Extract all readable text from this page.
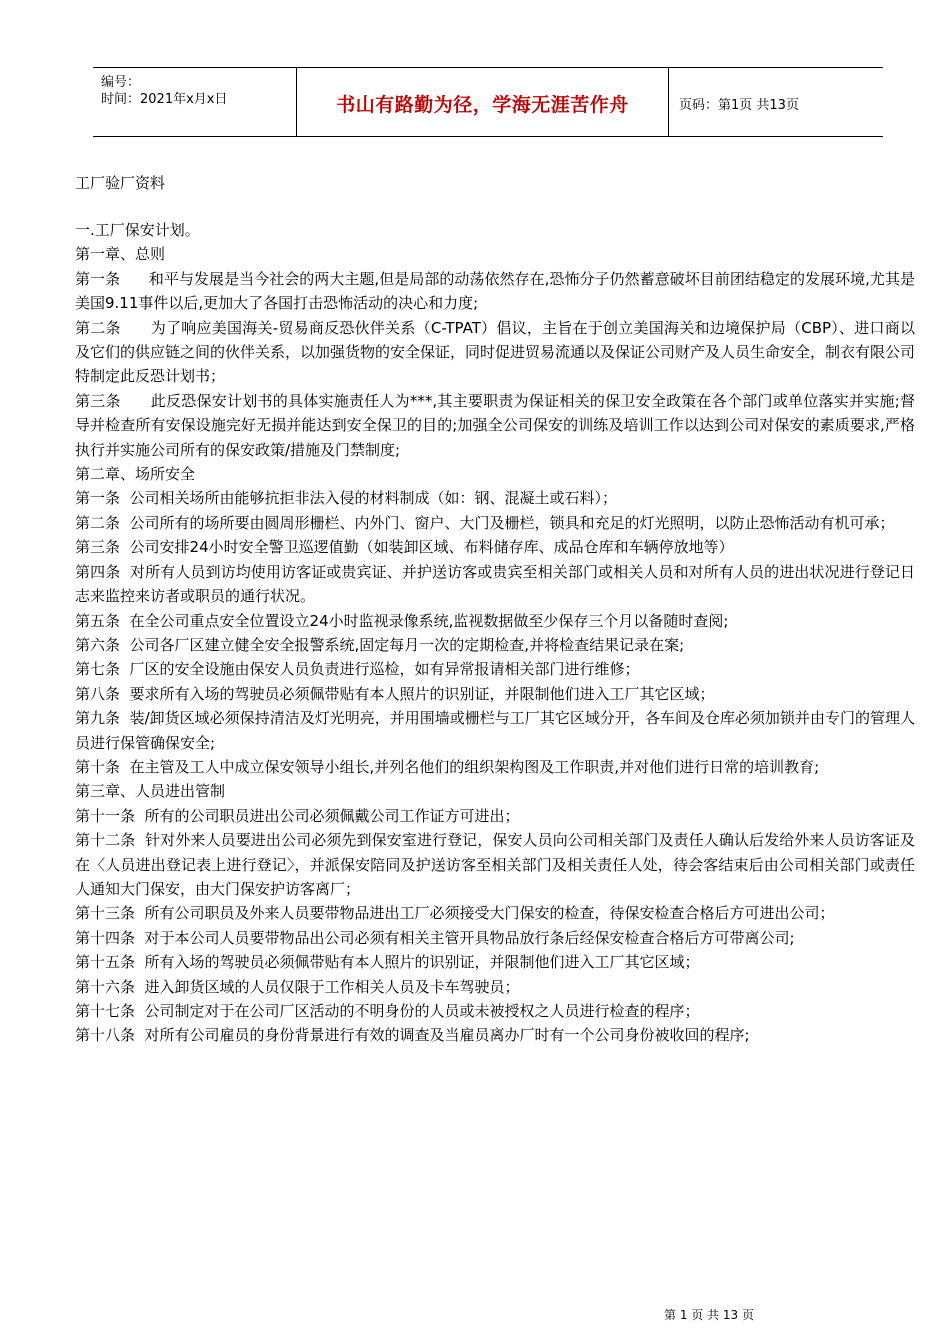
编号：
时间：2021年x月x日	书山有路勤为径，学海无涯苦作舟	页码：第1页 共13页
工厂验厂资料

一.工厂保安计划。

第一章、总则

第一条      和平与发展是当今社会的两大主题,但是局部的动荡依然存在,恐怖分子仍然蓄意破坏目前团结稳定的发展环境,尤其是美国9.11事件以后,更加大了各国打击恐怖活动的决心和力度;

第二条      为了响应美国海关-贸易商反恐伙伴关系（C-TPAT）倡议，主旨在于创立美国海关和边境保护局（CBP）、进口商以及它们的供应链之间的伙伴关系，以加强货物的安全保证，同时促进贸易流通以及保证公司财产及人员生命安全，制衣有限公司特制定此反恐计划书；

第三条      此反恐保安计划书的具体实施责任人为***,其主要职责为保证相关的保卫安全政策在各个部门或单位落实并实施;督导并检查所有安保设施完好无损并能达到安全保卫的目的;加强全公司保安的训练及培训工作以达到公司对保安的素质要求,严格执行并实施公司所有的保安政策/措施及门禁制度;

第二章、场所安全

第一条  公司相关场所由能够抗拒非法入侵的材料制成（如：钢、混凝土或石料）；

第二条  公司所有的场所要由圆周形栅栏、内外门、窗户、大门及栅栏，锁具和充足的灯光照明，以防止恐怖活动有机可承；

第三条  公司安排24小时安全警卫巡逻值勤（如装卸区域、布料储存库、成品仓库和车辆停放地等）

第四条  对所有人员到访均使用访客证或贵宾证、并护送访客或贵宾至相关部门或相关人员和对所有人员的进出状况进行登记日志来监控来访者或职员的通行状况。

第五条  在全公司重点安全位置设立24小时监视录像系统,监视数据做至少保存三个月以备随时查阅;

第六条  公司各厂区建立健全安全报警系统,固定每月一次的定期检查,并将检查结果记录在案;

第七条  厂区的安全设施由保安人员负责进行巡检，如有异常报请相关部门进行维修；

第八条  要求所有入场的驾驶员必须佩带贴有本人照片的识别证，并限制他们进入工厂其它区域；

第九条  装/卸货区域必须保持清洁及灯光明亮，并用围墙或栅栏与工厂其它区域分开，各车间及仓库必须加锁并由专门的管理人员进行保管确保安全;

第十条  在主管及工人中成立保安领导小组长,并列名他们的组织架构图及工作职责,并对他们进行日常的培训教育;

第三章、人员进出管制

第十一条  所有的公司职员进出公司必须佩戴公司工作证方可进出；

第十二条  针对外来人员要进出公司必须先到保安室进行登记，保安人员向公司相关部门及责任人确认后发给外来人员访客证及在〈人员进出登记表上进行登记〉，并派保安陪同及护送访客至相关部门及相关责任人处，待会客结束后由公司相关部门或责任人通知大门保安，由大门保安护访客离厂；

第十三条  所有公司职员及外来人员要带物品进出工厂必须接受大门保安的检查，待保安检查合格后方可进出公司；

第十四条  对于本公司人员要带物品出公司必须有相关主管开具物品放行条后经保安检查合格后方可带离公司;

第十五条  所有入场的驾驶员必须佩带贴有本人照片的识别证，并限制他们进入工厂其它区域；

第十六条  进入卸货区域的人员仅限于工作相关人员及卡车驾驶员；

第十七条  公司制定对于在公司厂区活动的不明身份的人员或未被授权之人员进行检查的程序；

第十八条  对所有公司雇员的身份背景进行有效的调查及当雇员离办厂时有一个公司身份被收回的程序;

第 1 页 共 13 页
